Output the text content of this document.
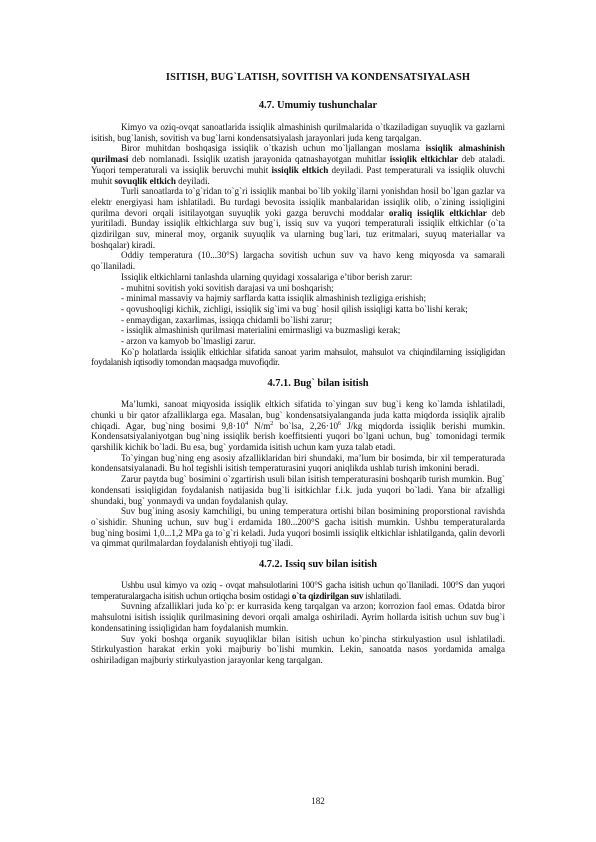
ISITISH, BUG`LATISH, SOVITISH VA KONDENSATSIYALASH
4.7. Umumiy tushunchalar

Kimyo va oziq-ovqat sanoatlarida issiqlik almashinish qurilmalarida o`tkaziladigan suyuqlik va gazlarni isitish, bug`lanish, sovitish va bug`larni kondensatsiyalash jarayonlari juda keng tarqalgan.

Biror muhitdan boshqasiga issiqlik o`tkazish uchun mo`ljallangan moslama issiqlik almashinish qurilmasi deb nomlanadi. Issiqlik uzatish jarayonida qatnashayotgan muhitlar issiqlik eltkichlar deb ataladi. Yuqori temperaturali va issiqlik beruvchi muhit issiqlik eltkich deyiladi. Past temperaturali va issiqlik oluvchi muhit sovuqlik eltkich deyiladi.

Turli sanoatlarda to`g`ridan to`g`ri issiqlik manbai bo`lib yokilg`ilarni yonishdan hosil bo`lgan gazlar va elektr energiyasi ham ishlatiladi. Bu turdagi bevosita issiqlik manbalaridan issiqlik olib, o`zining issiqligini qurilma devori orqali isitilayotgan suyuqlik yoki gazga beruvchi moddalar oraliq issiqlik eltkichlar deb yuritiladi. Bunday issiqlik eltkichlarga suv bug`i, issiq suv va yuqori temperaturali issiqlik eltkichlar (o`ta qizdirilgan suv, mineral moy, organik suyuqlik va ularning bug`lari, tuz eritmalari, suyuq materiallar va boshqalar) kiradi.

Oddiy temperatura (10...30°S) largacha sovitish uchun suv va havo keng miqyosda va samarali qo`llaniladi.

Issiqlik eltkichlarni tanlashda ularning quyidagi xossalariga e’tibor berish zarur:

- muhitni sovitish yoki sovitish darajasi va uni boshqarish;

- minimal massaviy va hajmiy sarflarda katta issiqlik almashinish tezligiga erishish;

- qovushoqligi kichik, zichligi, issiqlik sig`imi va bug` hosil qilish issiqligi katta bo`lishi kerak;

- enmaydigan, zaxarlimas, issiqqa chidamli bo`lishi zarur;

- issiqlik almashinish qurilmasi materialini emirmasligi va buzmasligi kerak;

- arzon va kamyob bo`lmasligi zarur.

Ko`p holatlarda issiqlik eltkichlar sifatida sanoat yarim mahsulot, mahsulot va chiqindilarning issiqligidan foydalanish iqtisodiy tomondan maqsadga muvofiqdir.

4.7.1. Bug` bilan isitish

Ma’lumki, sanoat miqyosida issiqlik eltkich sifatida to`yingan suv bug`i keng ko`lamda ishlatiladi, chunki u bir qator afzalliklarga ega. Masalan, bug` kondensatsiyalanganda juda katta miqdorda issiqlik ajralib chiqadi. Agar, bug`ning bosimi $9,8\cdot 10^4$ $N/m^2$ bo`lsa, $2,26\cdot 10^6$ J/kg miqdorda issiqlik berishi mumkin. Kondensatsiyalaniyotgan bug`ning issiqlik berish koeffitsienti yuqori bo`lgani uchun, bug` tomonidagi termik qarshilik kichik bo`ladi. Bu esa, bug` yordamida isitish uchun kam yuza talab etadi.

To`yingan bug`ning eng asosiy afzalliklaridan biri shundaki, ma’lum bir bosimda, bir xil temperaturada kondensatsiyalanadi. Bu hol tegishli isitish temperaturasini yuqori aniqlikda ushlab turish imkonini beradi.

Zarur paytda bug` bosimini o`zgartirish usuli bilan isitish temperaturasini boshqarib turish mumkin. Bug` kondensati issiqligidan foydalanish natijasida bug`li isitkichlar f.i.k. juda yuqori bo`ladi. Yana bir afzalligi shundaki, bug` yonmaydi va undan foydalanish qulay.

Suv bug`ining asosiy kamchiligi, bu uning temperatura ortishi bilan bosimining proporstional ravishda o`sishidir. Shuning uchun, suv bug`i erdamida 180...200°S gacha isitish mumkin. Ushbu temperaturalarda bug`ning bosimi 1,0...1,2 MPa ga to`g`ri keladi. Juda yuqori bosimli issiqlik eltkichlar ishlatilganda, qalin devorli va qimmat qurilmalardan foydalanish ehtiyoji tug`iladi.

4.7.2. Issiq suv bilan isitish

Ushbu usul kimyo va oziq - ovqat mahsulotlarini 100°S gacha isitish uchun qo`llaniladi. 100°S dan yuqori temperaturalargacha isitish uchun ortiqcha bosim ostidagi o`ta qizdirilgan suv ishlatiladi.

Suvning afzalliklari juda ko`p: er kurrasida keng tarqalgan va arzon; korrozion faol emas. Odatda biror mahsulotni isitish issiqlik qurilmasining devori orqali amalga oshiriladi. Ayrim hollarda isitish uchun suv bug`i kondensatining issiqligidan ham foydalanish mumkin.

Suv yoki boshqa organik suyuqliklar bilan isitish uchun ko`pincha stirkulyastion usul ishlatiladi. Stirkulyastion harakat erkin yoki majburiy bo`lishi mumkin. Lekin, sanoatda nasos yordamida amalga oshiriladigan majburiy stirkulyastion jarayonlar keng tarqalgan.

182
